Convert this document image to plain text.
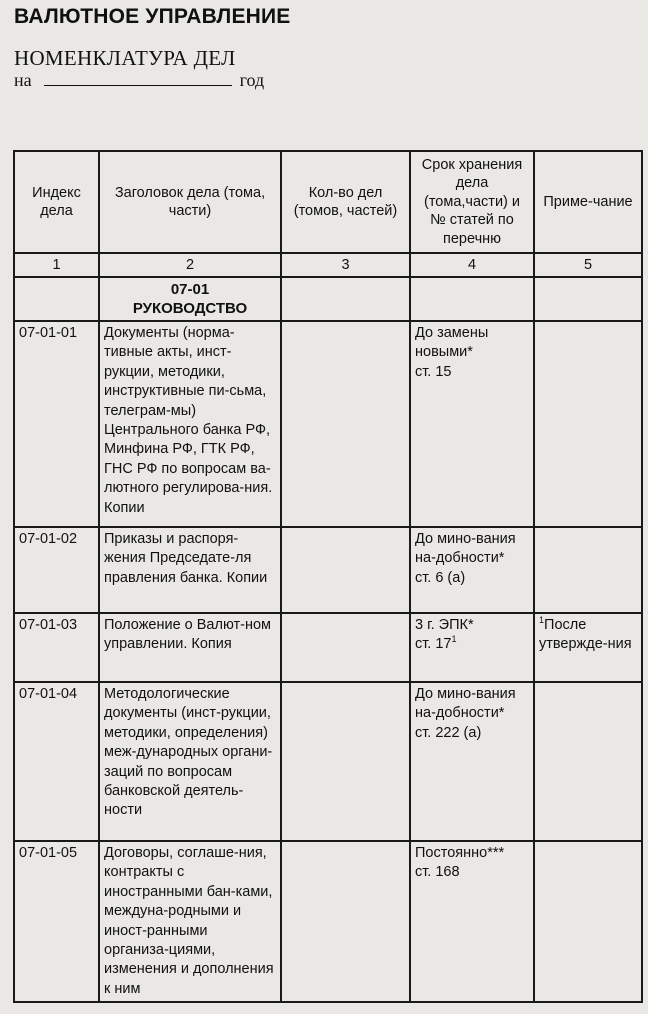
ВАЛЮТНОЕ УПРАВЛЕНИЕ
НОМЕНКЛАТУРА ДЕЛ
на	год
Индекс дела	Заголовок дела (тома, части)	Кол-во дел (томов, частей)	Срок хранения дела (тома,части) и № статей по перечню	Приме-чание
1	2	3	4	5

	07-01
РУКОВОДСТВО			

07-01-01	Документы (норма-тивные акты, инст-рукции, методики, инструктивные пи-сьма, телеграм-мы) Центрального банка РФ, Минфина РФ, ГТК РФ, ГНС РФ по вопросам ва-лютного регулирова-ния. Копии		До замены новыми*
ст. 15	

07-01-02	Приказы и распоря-жения Председате-ля правления банка. Копии		До мино-вания на-добности*
ст. 6 (а)	

07-01-03	Положение о Валют-ном управлении. Копия		3 г. ЭПК*
ст. $17^1$	$^1$После утвержде-ния
07-01-04	Методологические документы (инст-рукции, методики, определения) меж-дународных органи-заций по вопросам банковской деятель-ности		До мино-вания на-добности*
ст. 222 (а)	

07-01-05	Договоры, соглаше-ния, контракты с иностранными бан-ками, междуна-родными и иност-ранными организа-циями, изменения и дополнения к ним		Постоянно***
ст. 168	
